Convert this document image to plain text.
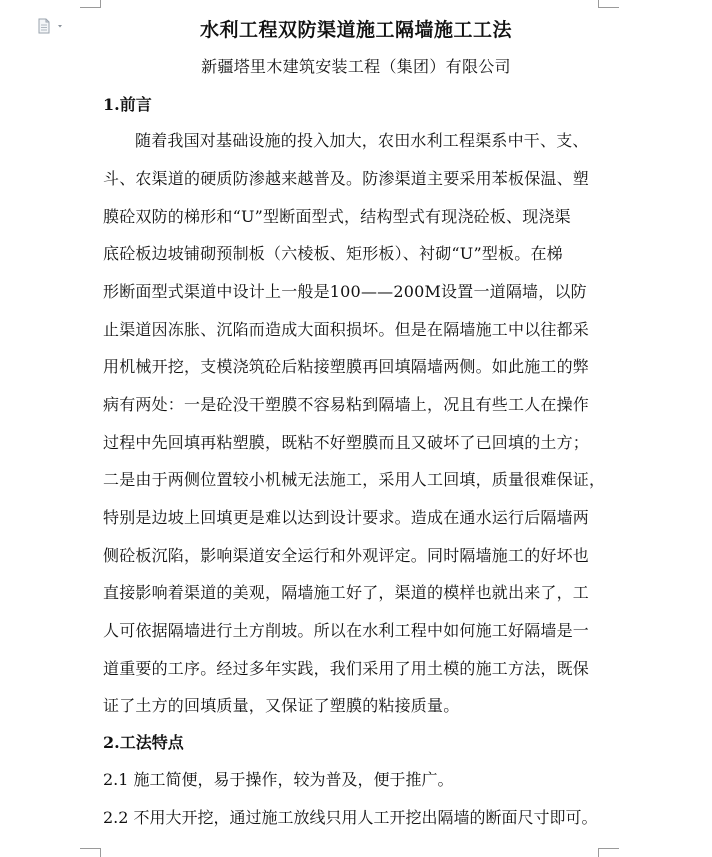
水利工程双防渠道施工隔墙施工工法
新疆塔里木建筑安装工程（集团）有限公司
1.前言
随着我国对基础设施的投入加大，农田水利工程渠系中干、支、
斗、农渠道的硬质防渗越来越普及。防渗渠道主要采用苯板保温、塑
膜砼双防的梯形和“U”型断面型式，结构型式有现浇砼板、现浇渠
底砼板边坡铺砌预制板（六棱板、矩形板）、衬砌“U”型板。在梯
形断面型式渠道中设计上一般是100——200M设置一道隔墙，以防
止渠道因冻胀、沉陷而造成大面积损坏。但是在隔墙施工中以往都采
用机械开挖，支模浇筑砼后粘接塑膜再回填隔墙两侧。如此施工的弊
病有两处：一是砼没干塑膜不容易粘到隔墙上，况且有些工人在操作
过程中先回填再粘塑膜，既粘不好塑膜而且又破坏了已回填的土方；
二是由于两侧位置较小机械无法施工，采用人工回填，质量很难保证，
特别是边坡上回填更是难以达到设计要求。造成在通水运行后隔墙两
侧砼板沉陷，影响渠道安全运行和外观评定。同时隔墙施工的好坏也
直接影响着渠道的美观，隔墙施工好了，渠道的模样也就出来了，工
人可依据隔墙进行土方削坡。所以在水利工程中如何施工好隔墙是一
道重要的工序。经过多年实践，我们采用了用土模的施工方法，既保
证了土方的回填质量，又保证了塑膜的粘接质量。
2.工法特点
2.1 施工简便，易于操作，较为普及，便于推广。
2.2 不用大开挖，通过施工放线只用人工开挖出隔墙的断面尺寸即可。
